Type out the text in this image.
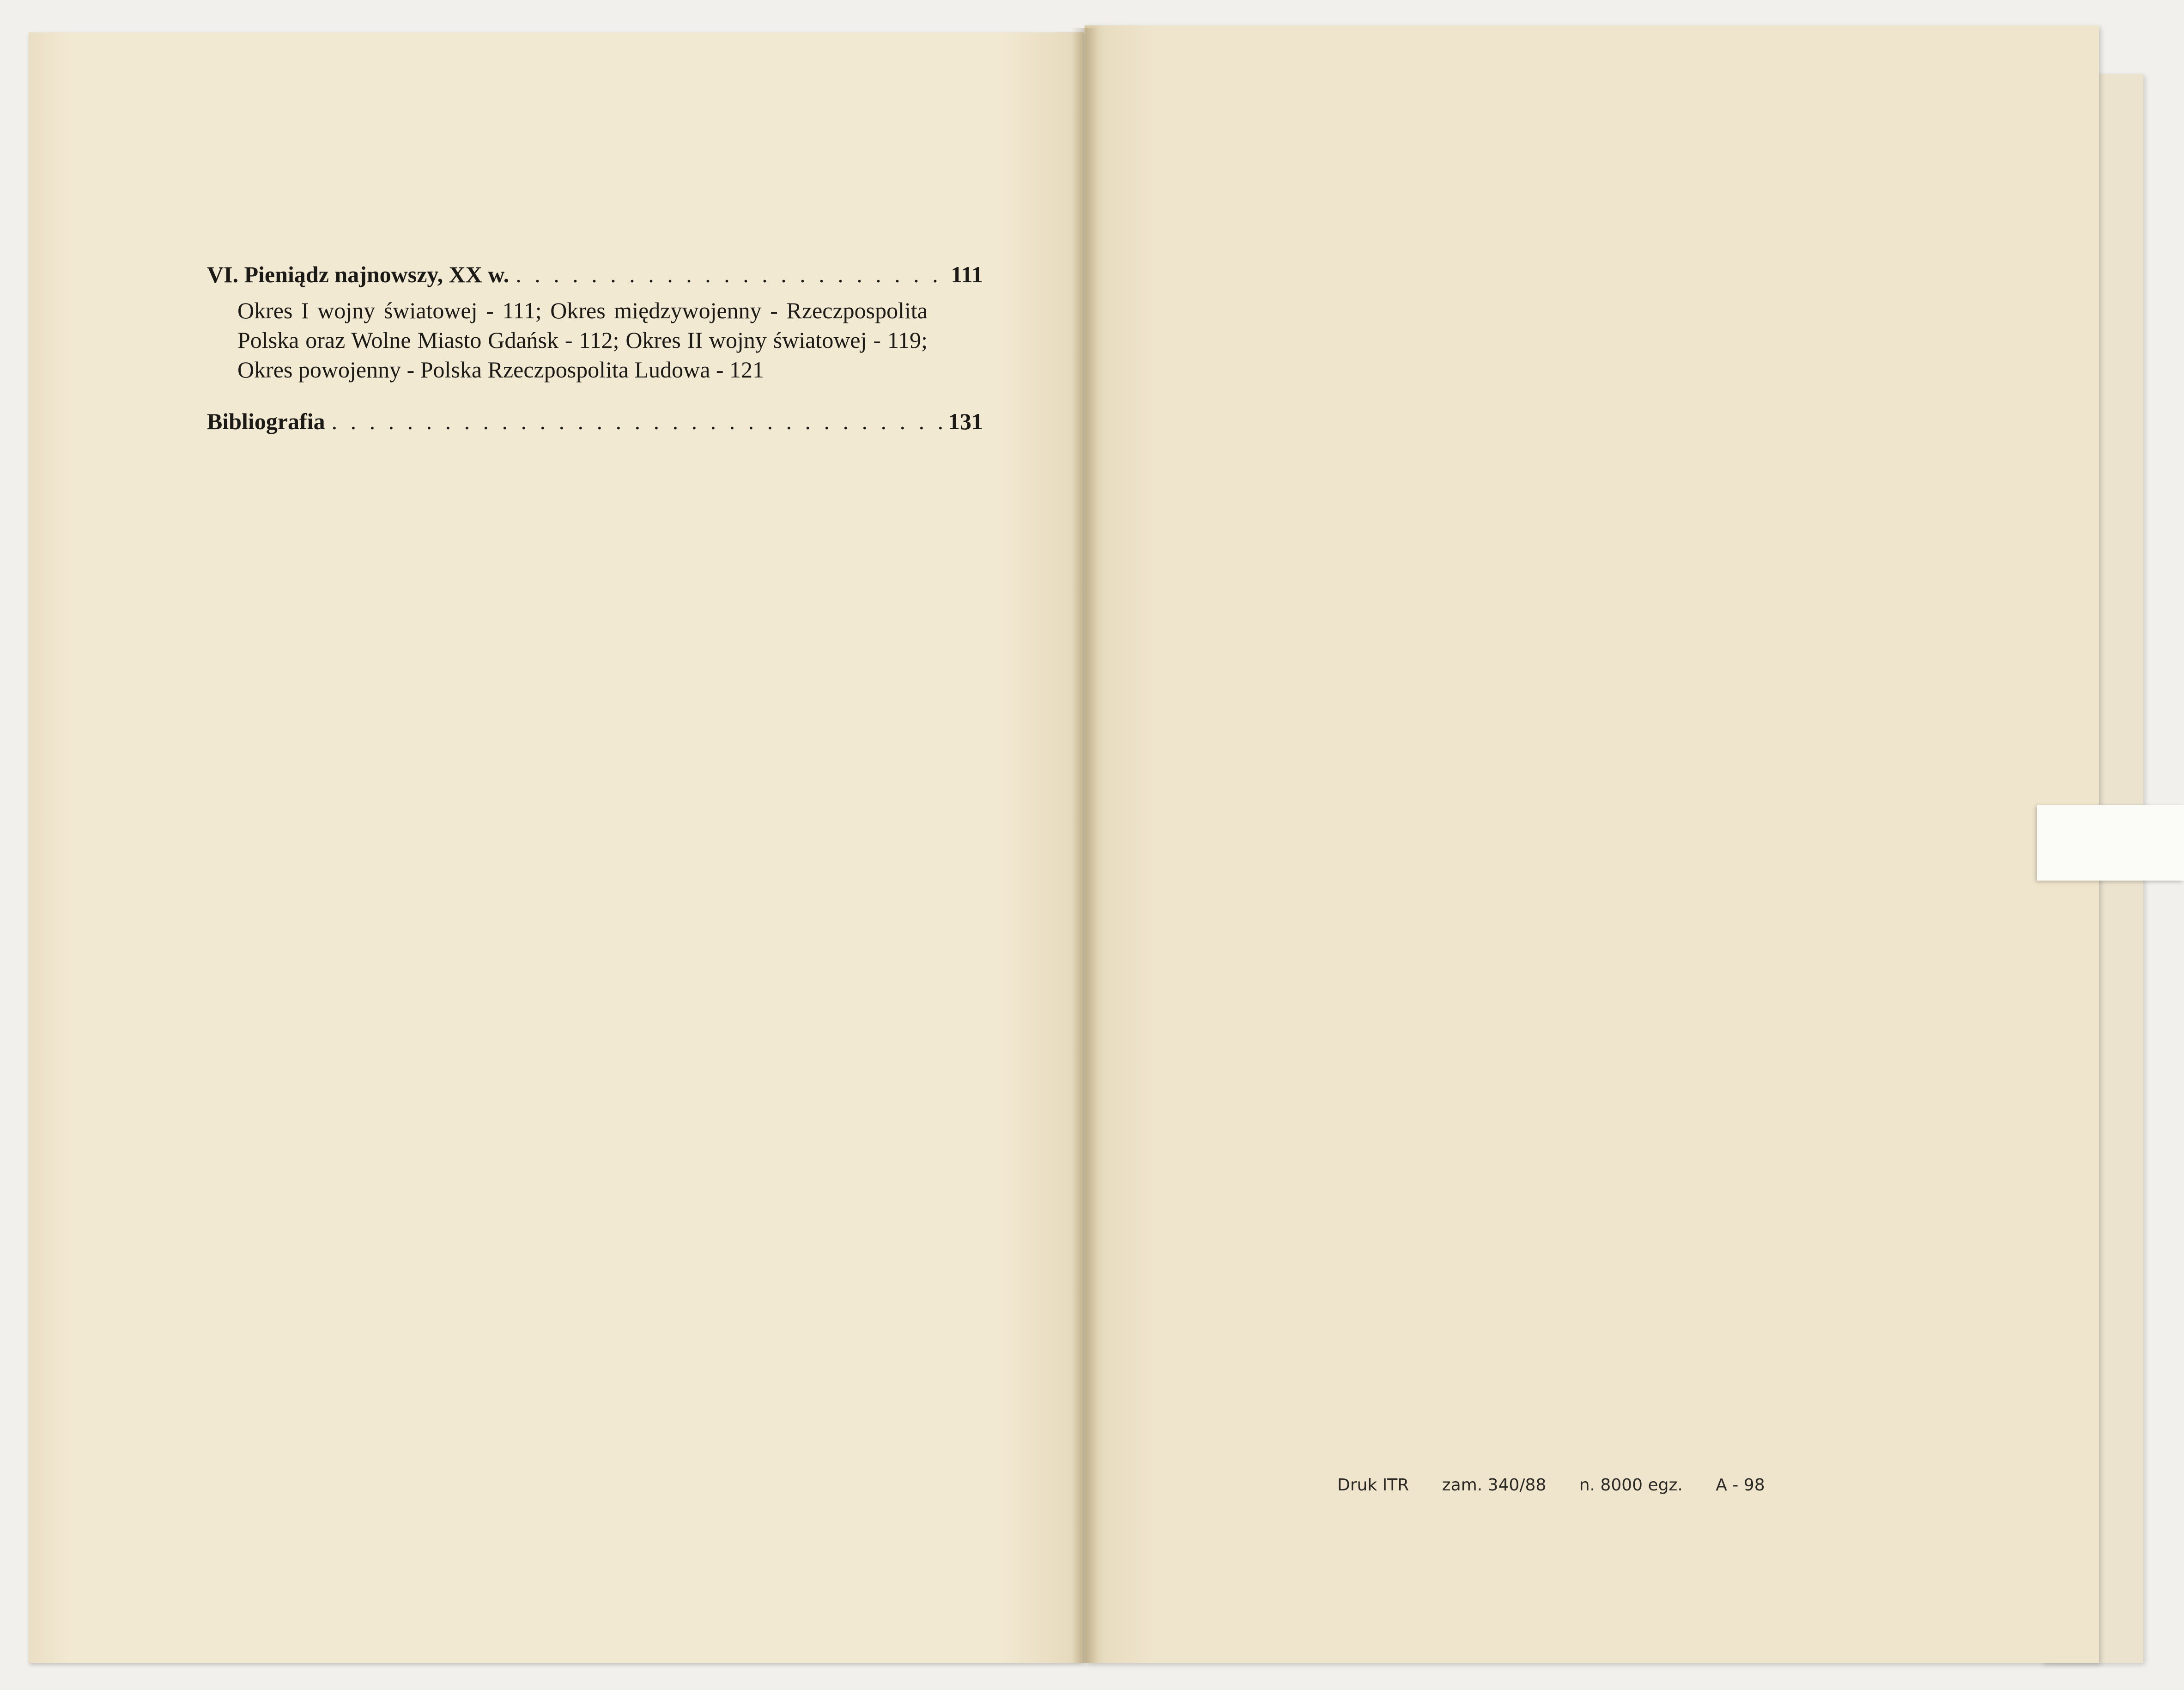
VI. Pieniądz najnowszy, XX w. . . .	111
Okres I wojny światowej - 111; Okres międzywojenny - Rzeczpospolita Polska oraz Wolne Miasto Gdańsk - 112; Okres II wojny światowej - 119; Okres powojenny - Polska Rzeczpospolita Ludowa - 121
Bibliografia . . .	131
Druk ITR zam. 340/88 n. 8000 egz. A - 98
